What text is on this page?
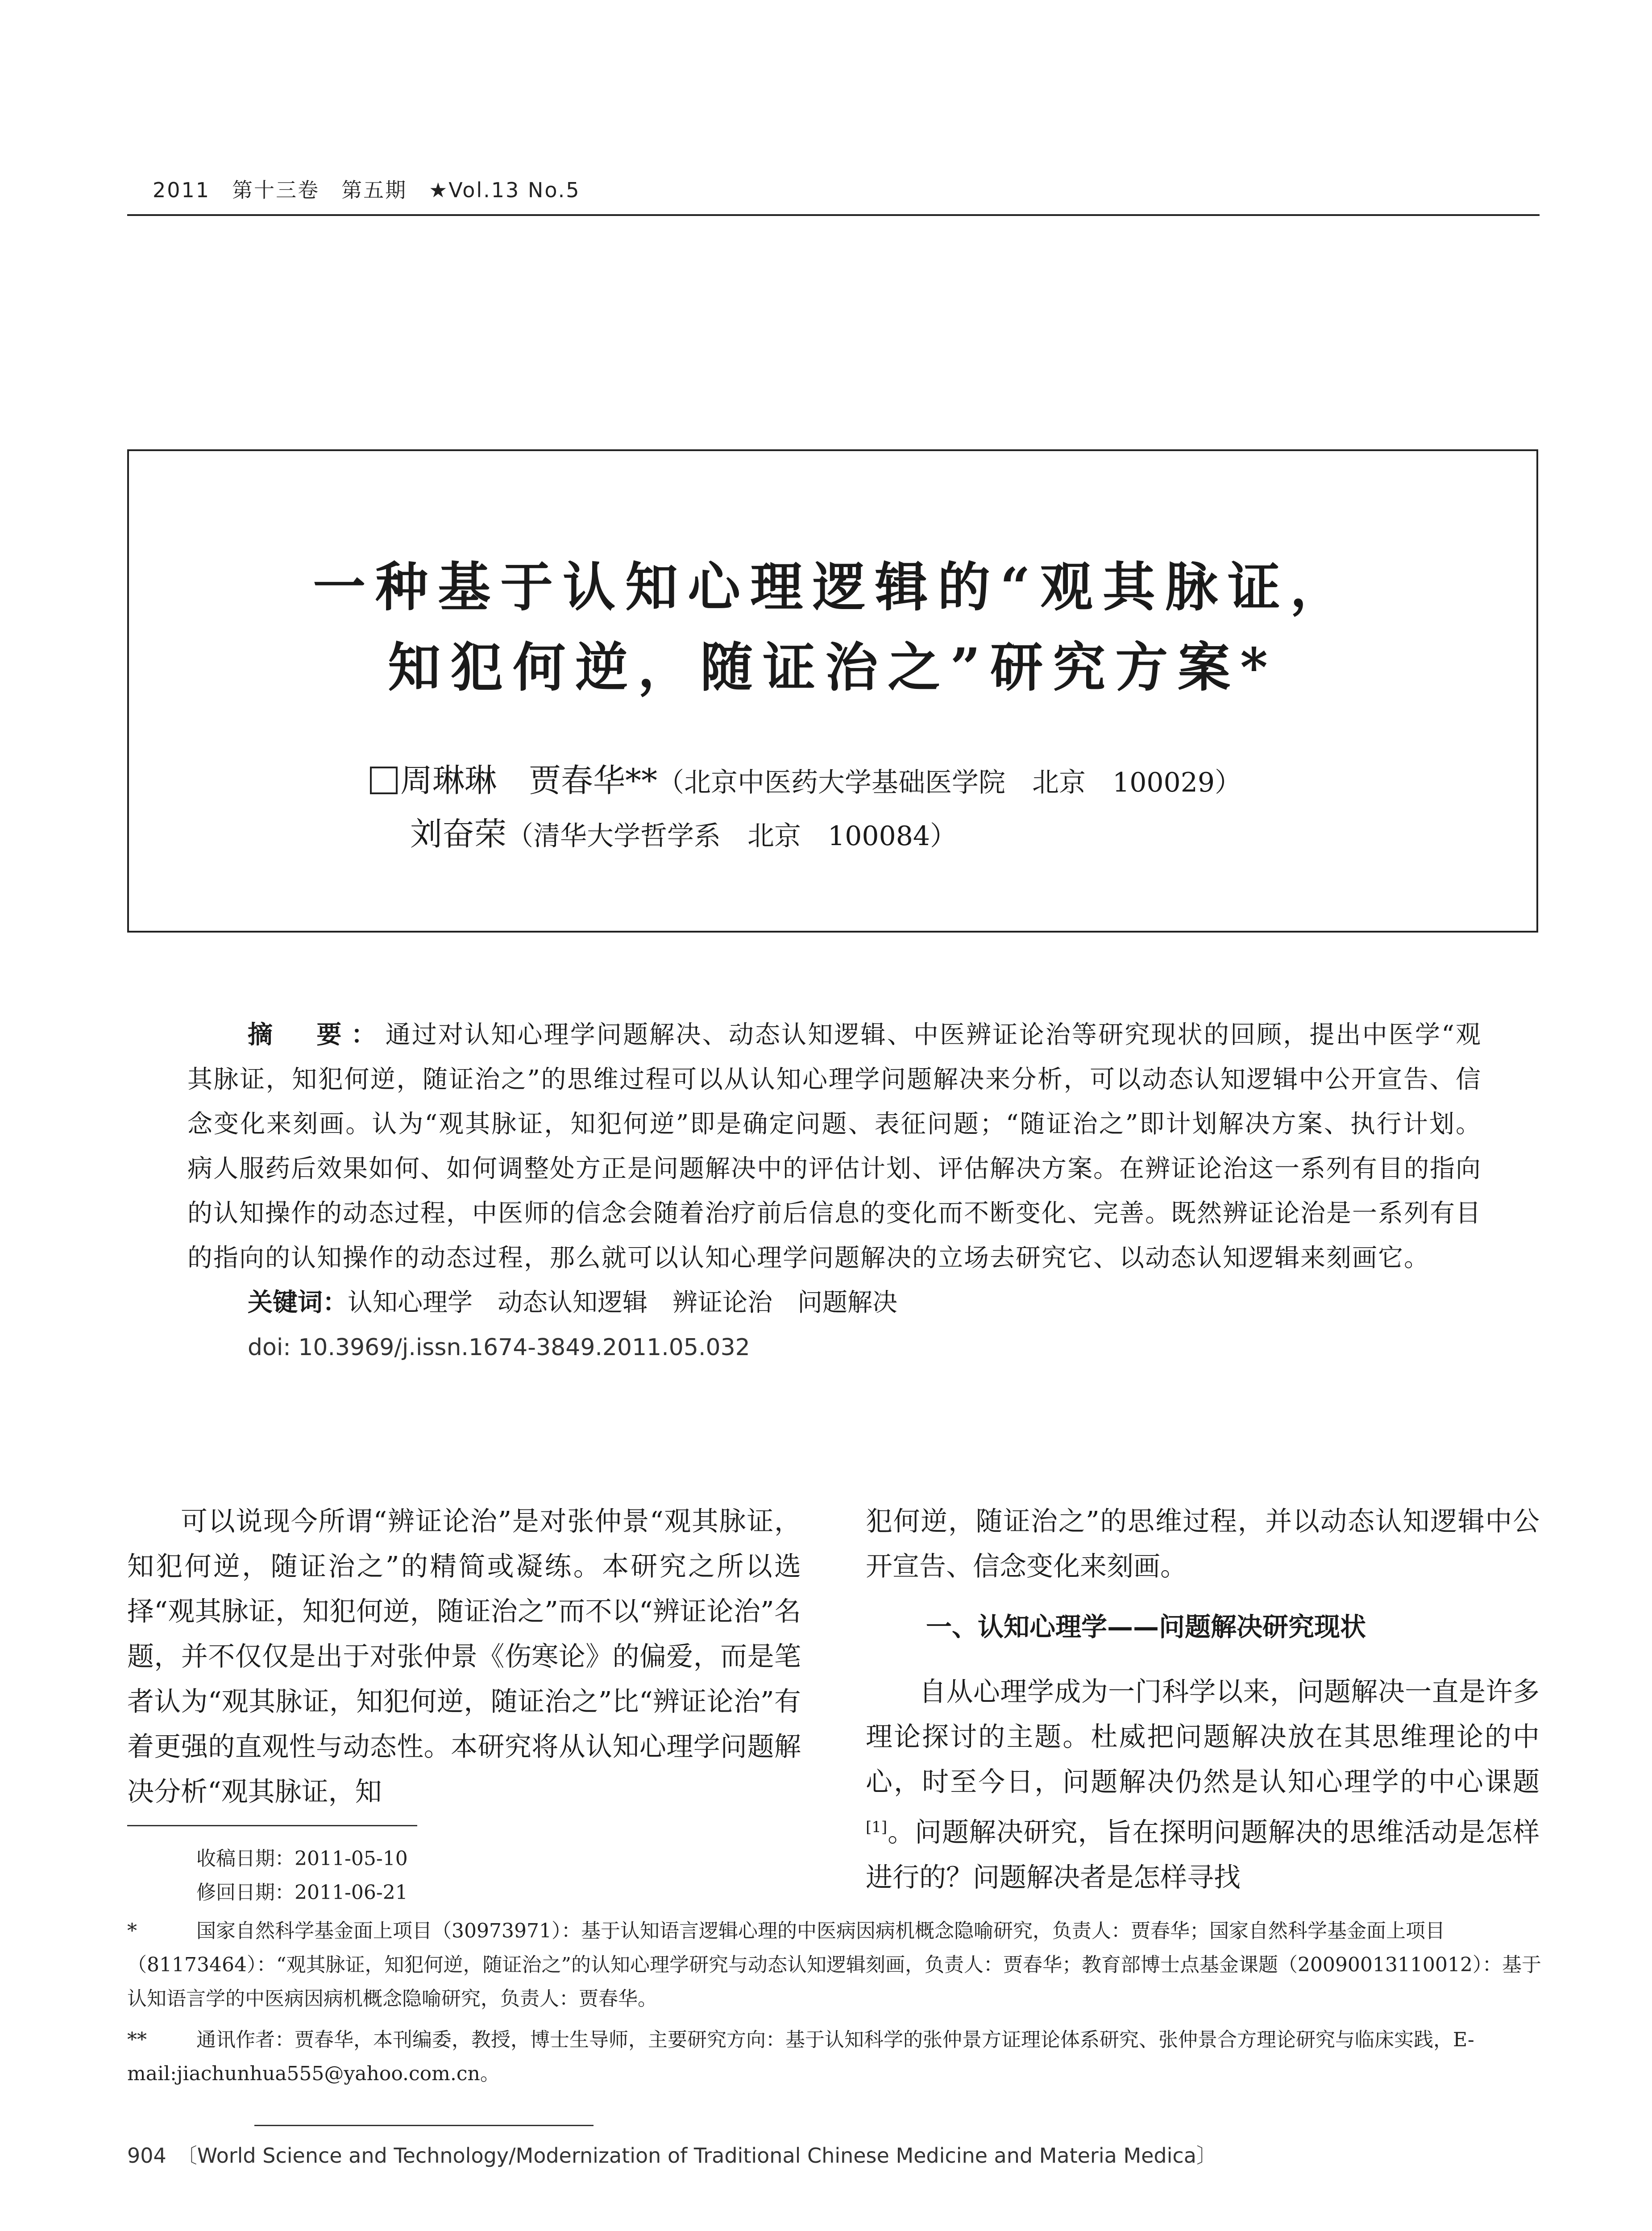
2011　第十三卷　第五期　★Vol.13 No.5
一种基于认知心理逻辑的“观其脉证，
知犯何逆，随证治之”研究方案*
周琳琳　贾春华**（北京中医药大学基础医学院　北京　100029）
刘奋荣（清华大学哲学系　北京　100084）

摘　要：通过对认知心理学问题解决、动态认知逻辑、中医辨证论治等研究现状的回顾，提出中医学“观其脉证，知犯何逆，随证治之”的思维过程可以从认知心理学问题解决来分析，可以动态认知逻辑中公开宣告、信念变化来刻画。认为“观其脉证，知犯何逆”即是确定问题、表征问题；“随证治之”即计划解决方案、执行计划。病人服药后效果如何、如何调整处方正是问题解决中的评估计划、评估解决方案。在辨证论治这一系列有目的指向的认知操作的动态过程，中医师的信念会随着治疗前后信息的变化而不断变化、完善。既然辨证论治是一系列有目的指向的认知操作的动态过程，那么就可以认知心理学问题解决的立场去研究它、以动态认知逻辑来刻画它。

关键词：认知心理学　动态认知逻辑　辨证论治　问题解决
doi: 10.3969/j.issn.1674-3849.2011.05.032

可以说现今所谓“辨证论治”是对张仲景“观其脉证，知犯何逆，随证治之”的精简或凝练。本研究之所以选择“观其脉证，知犯何逆，随证治之”而不以“辨证论治”名题，并不仅仅是出于对张仲景《伤寒论》的偏爱，而是笔者认为“观其脉证，知犯何逆，随证治之”比“辨证论治”有着更强的直观性与动态性。本研究将从认知心理学问题解决分析“观其脉证，知

犯何逆，随证治之”的思维过程，并以动态认知逻辑中公开宣告、信念变化来刻画。

一、认知心理学——问题解决研究现状

自从心理学成为一门科学以来，问题解决一直是许多理论探讨的主题。杜威把问题解决放在其思维理论的中心，时至今日，问题解决仍然是认知心理学的中心课题[1]。问题解决研究，旨在探明问题解决的思维活动是怎样进行的？问题解决者是怎样寻找

收稿日期：2011-05-10
修回日期：2011-06-21
*	国家自然科学基金面上项目（30973971）：基于认知语言逻辑心理的中医病因病机概念隐喻研究，负责人：贾春华；国家自然科学基金面上项目（81173464）：“观其脉证，知犯何逆，随证治之”的认知心理学研究与动态认知逻辑刻画，负责人：贾春华；教育部博士点基金课题（20090013110012）：基于认知语言学的中医病因病机概念隐喻研究，负责人：贾春华。
**	通讯作者：贾春华，本刊编委，教授，博士生导师，主要研究方向：基于认知科学的张仲景方证理论体系研究、张仲景合方理论研究与临床实践，E-mail:jiachunhua555@yahoo.com.cn。
904　〔World Science and Technology/Modernization of Traditional Chinese Medicine and Materia Medica〕
